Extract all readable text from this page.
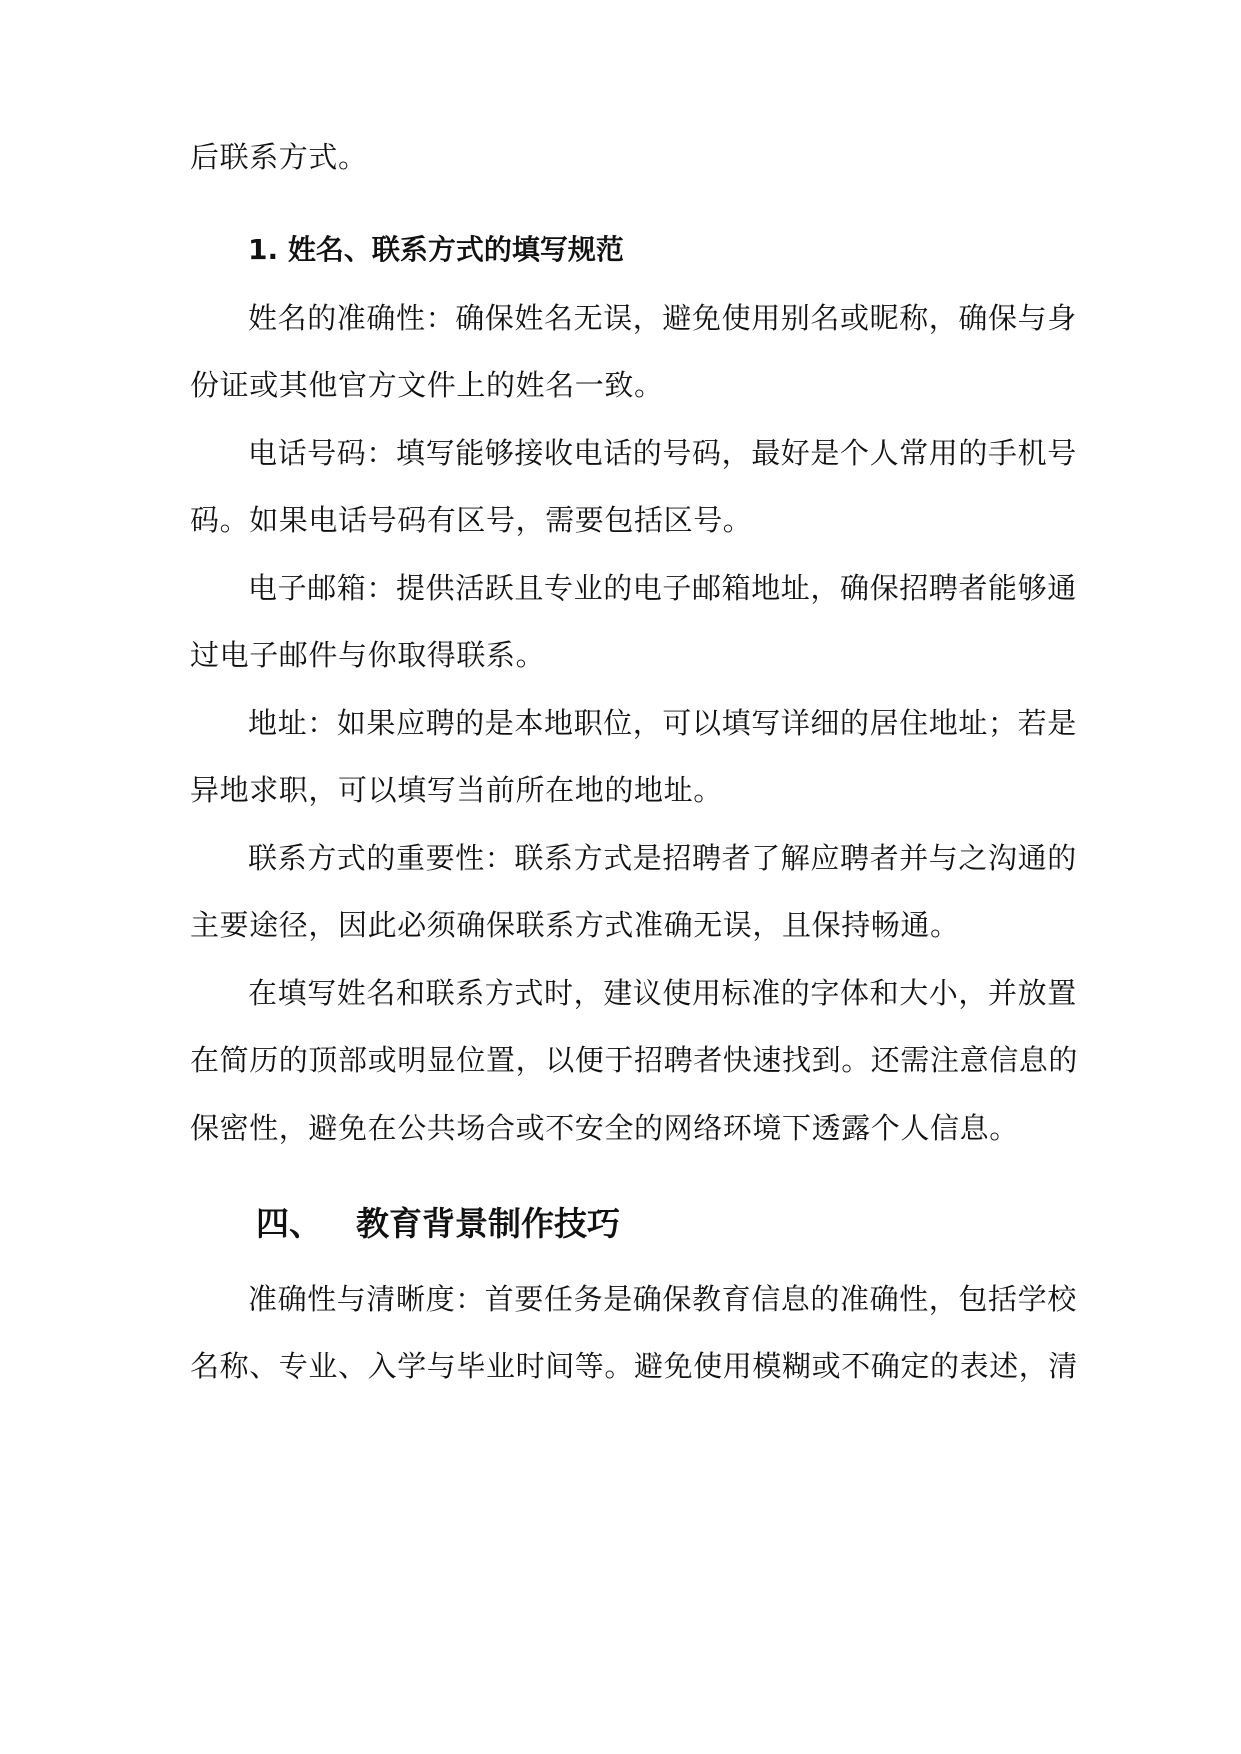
后联系方式。
1. 姓名、联系方式的填写规范
姓名的准确性：确保姓名无误，避免使用别名或昵称，确保与身
份证或其他官方文件上的姓名一致。
电话号码：填写能够接收电话的号码，最好是个人常用的手机号
码。如果电话号码有区号，需要包括区号。
电子邮箱：提供活跃且专业的电子邮箱地址，确保招聘者能够通
过电子邮件与你取得联系。
地址：如果应聘的是本地职位，可以填写详细的居住地址；若是
异地求职，可以填写当前所在地的地址。
联系方式的重要性：联系方式是招聘者了解应聘者并与之沟通的
主要途径，因此必须确保联系方式准确无误，且保持畅通。
在填写姓名和联系方式时，建议使用标准的字体和大小，并放置
在简历的顶部或明显位置，以便于招聘者快速找到。还需注意信息的
保密性，避免在公共场合或不安全的网络环境下透露个人信息。
四、 教育背景制作技巧
准确性与清晰度：首要任务是确保教育信息的准确性，包括学校
名称、专业、入学与毕业时间等。避免使用模糊或不确定的表述，清
